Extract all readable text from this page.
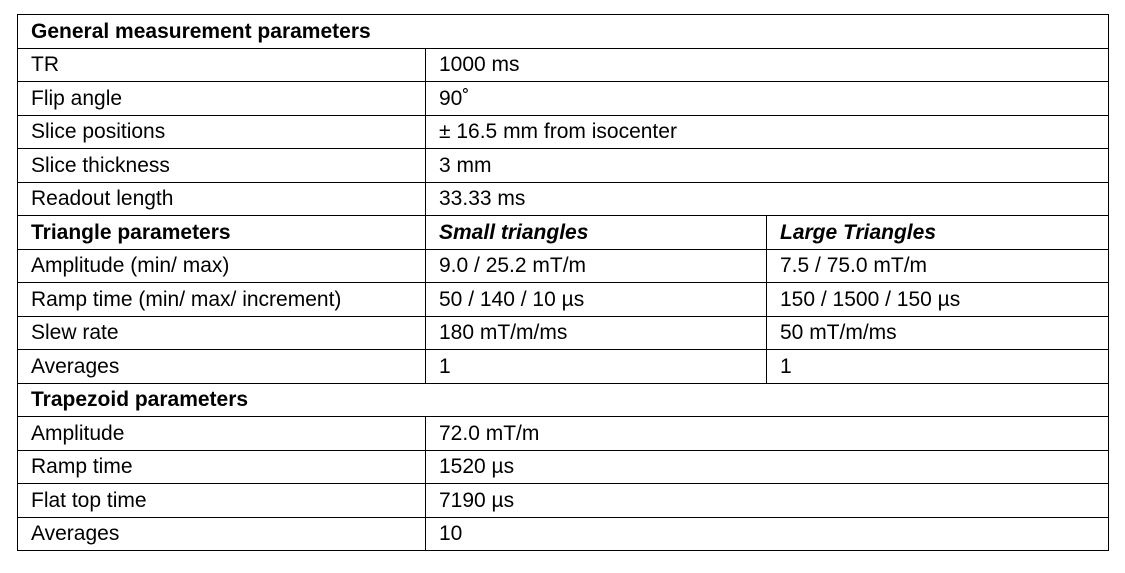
General measurement parameters		
TR	1000 ms	
Flip angle	90˚	
Slice positions	± 16.5 mm from isocenter	
Slice thickness	3 mm	
Readout length	33.33 ms	
Triangle parameters	Small triangles	Large Triangles
Amplitude (min/ max)	9.0 / 25.2 mT/m	7.5 / 75.0 mT/m
Ramp time (min/ max/ increment)	50 / 140 / 10 µs	150 / 1500 / 150 µs
Slew rate	180 mT/m/ms	50 mT/m/ms
Averages	1	1
Trapezoid parameters		
Amplitude	72.0 mT/m	
Ramp time	1520 µs	
Flat top time	7190 µs	
Averages	10	
